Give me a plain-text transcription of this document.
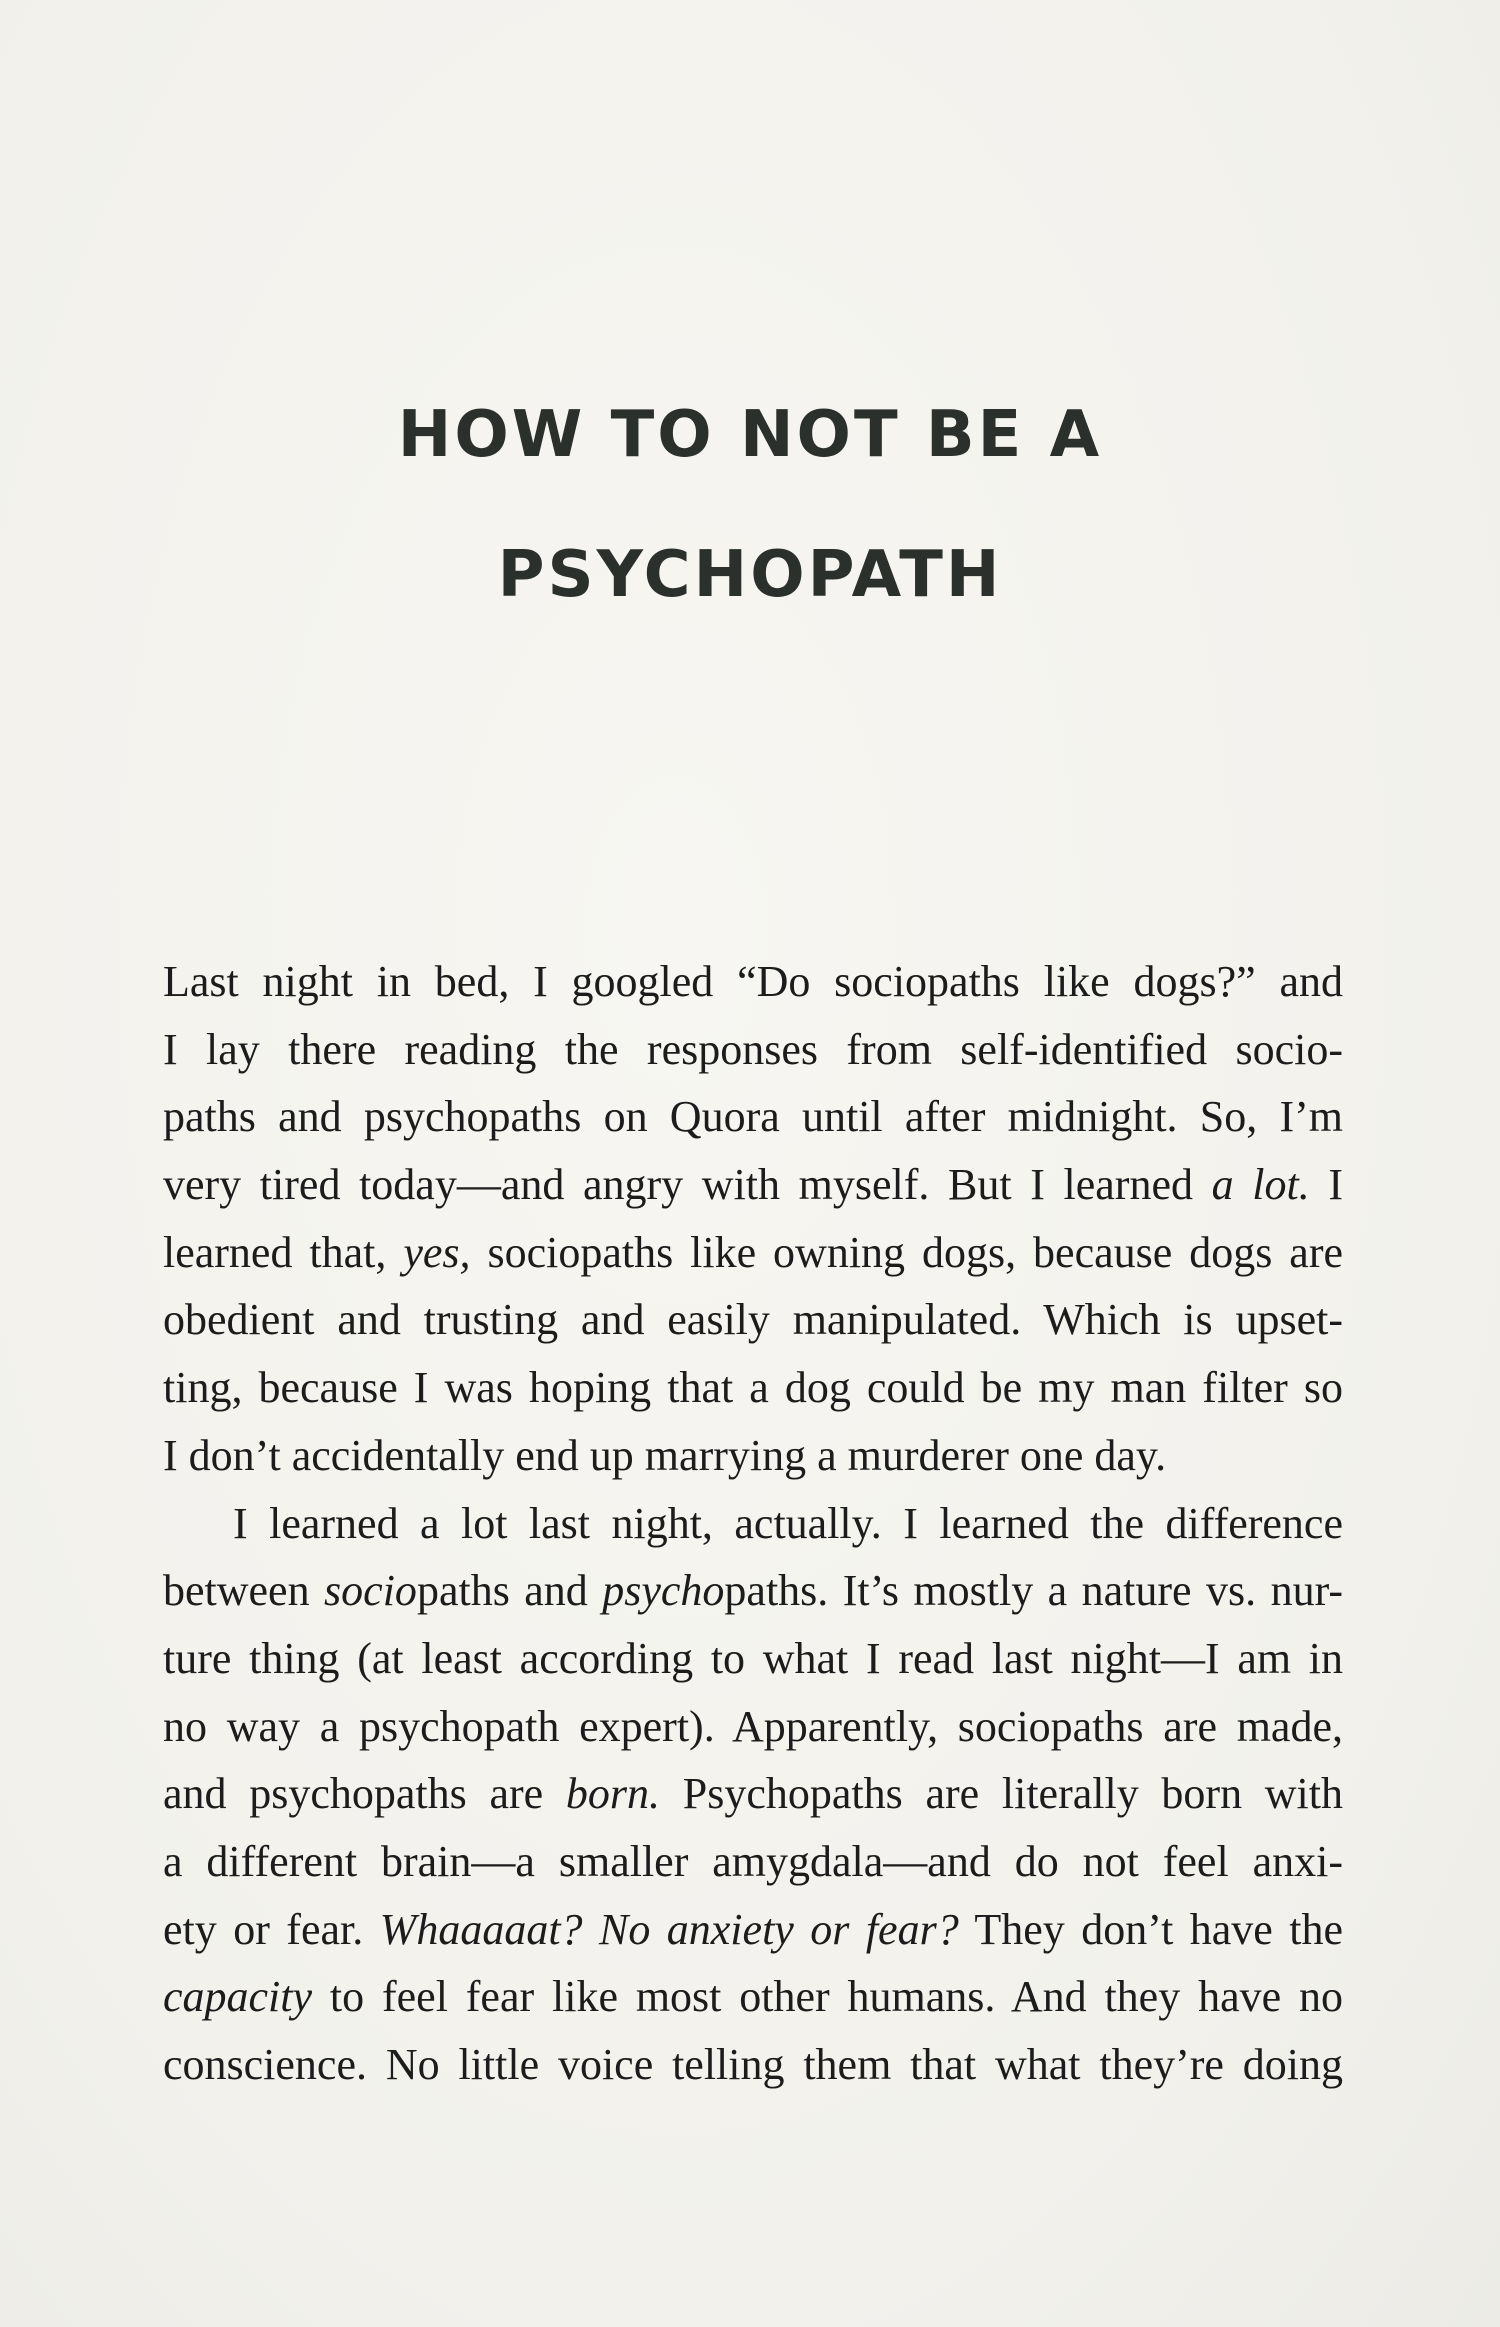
HOW TO NOT BE A
PSYCHOPATH
Last night in bed, I googled “Do sociopaths like dogs?” and
I lay there reading the responses from self-identified socio-
paths and psychopaths on Quora until after midnight. So, I’m
very tired today—and angry with myself. But I learned a lot. I
learned that, yes, sociopaths like owning dogs, because dogs are
obedient and trusting and easily manipulated. Which is upset-
ting, because I was hoping that a dog could be my man filter so
I don’t accidentally end up marrying a murderer one day.
I learned a lot last night, actually. I learned the difference
between sociopaths and psychopaths. It’s mostly a nature vs. nur-
ture thing (at least according to what I read last night—I am in
no way a psychopath expert). Apparently, sociopaths are made,
and psychopaths are born. Psychopaths are literally born with
a different brain—a smaller amygdala—and do not feel anxi-
ety or fear. Whaaaaat? No anxiety or fear? They don’t have the
capacity to feel fear like most other humans. And they have no
conscience. No little voice telling them that what they’re doing
